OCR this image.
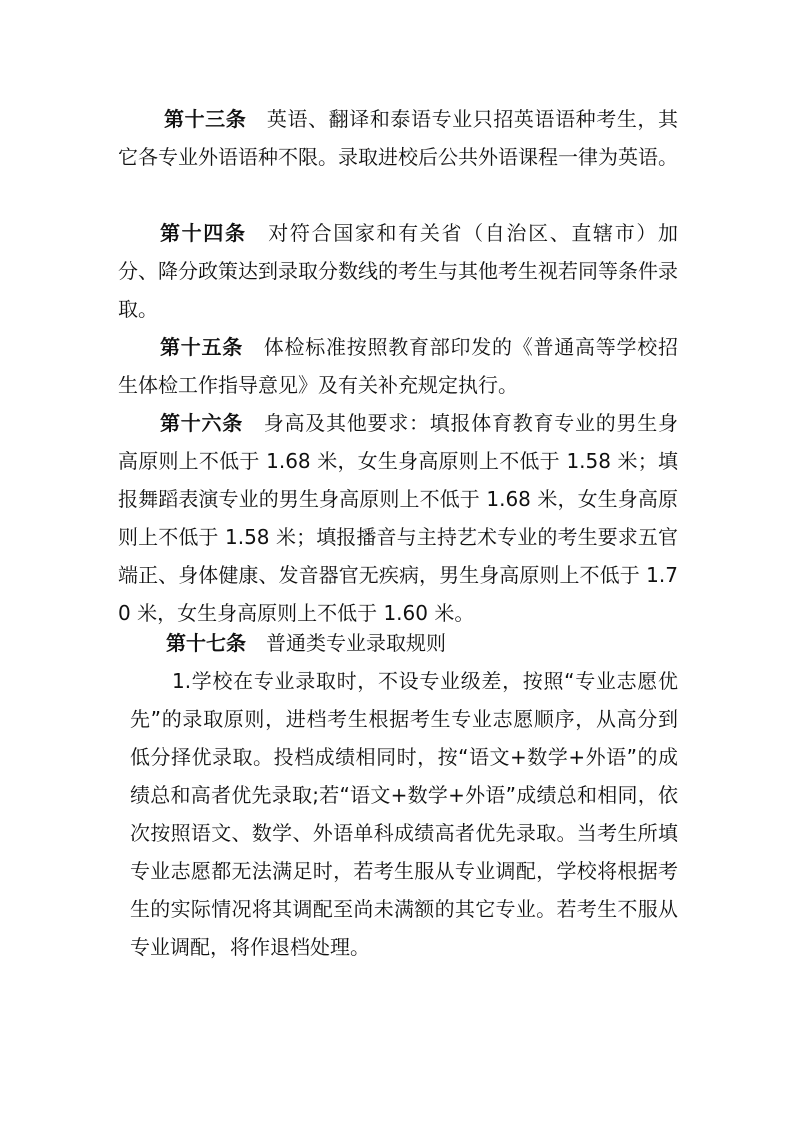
第十三条 英语、翻译和泰语专业只招英语语种考生，其它各专业外语语种不限。录取进校后公共外语课程一律为英语。

第十四条 对符合国家和有关省（自治区、直辖市）加分、降分政策达到录取分数线的考生与其他考生视若同等条件录取。

第十五条 体检标准按照教育部印发的《普通高等学校招生体检工作指导意见》及有关补充规定执行。

第十六条 身高及其他要求：填报体育教育专业的男生身高原则上不低于 1.68 米，女生身高原则上不低于 1.58 米；填报舞蹈表演专业的男生身高原则上不低于 1.68 米，女生身高原则上不低于 1.58 米；填报播音与主持艺术专业的考生要求五官端正、身体健康、发音器官无疾病，男生身高原则上不低于 1.70 米，女生身高原则上不低于 1.60 米。

第十七条 普通类专业录取规则

1.学校在专业录取时，不设专业级差，按照“专业志愿优先”的录取原则，进档考生根据考生专业志愿顺序，从高分到低分择优录取。投档成绩相同时，按“语文+数学+外语”的成绩总和高者优先录取;若“语文+数学+外语”成绩总和相同，依次按照语文、数学、外语单科成绩高者优先录取。当考生所填专业志愿都无法满足时，若考生服从专业调配，学校将根据考生的实际情况将其调配至尚未满额的其它专业。若考生不服从专业调配，将作退档处理。
